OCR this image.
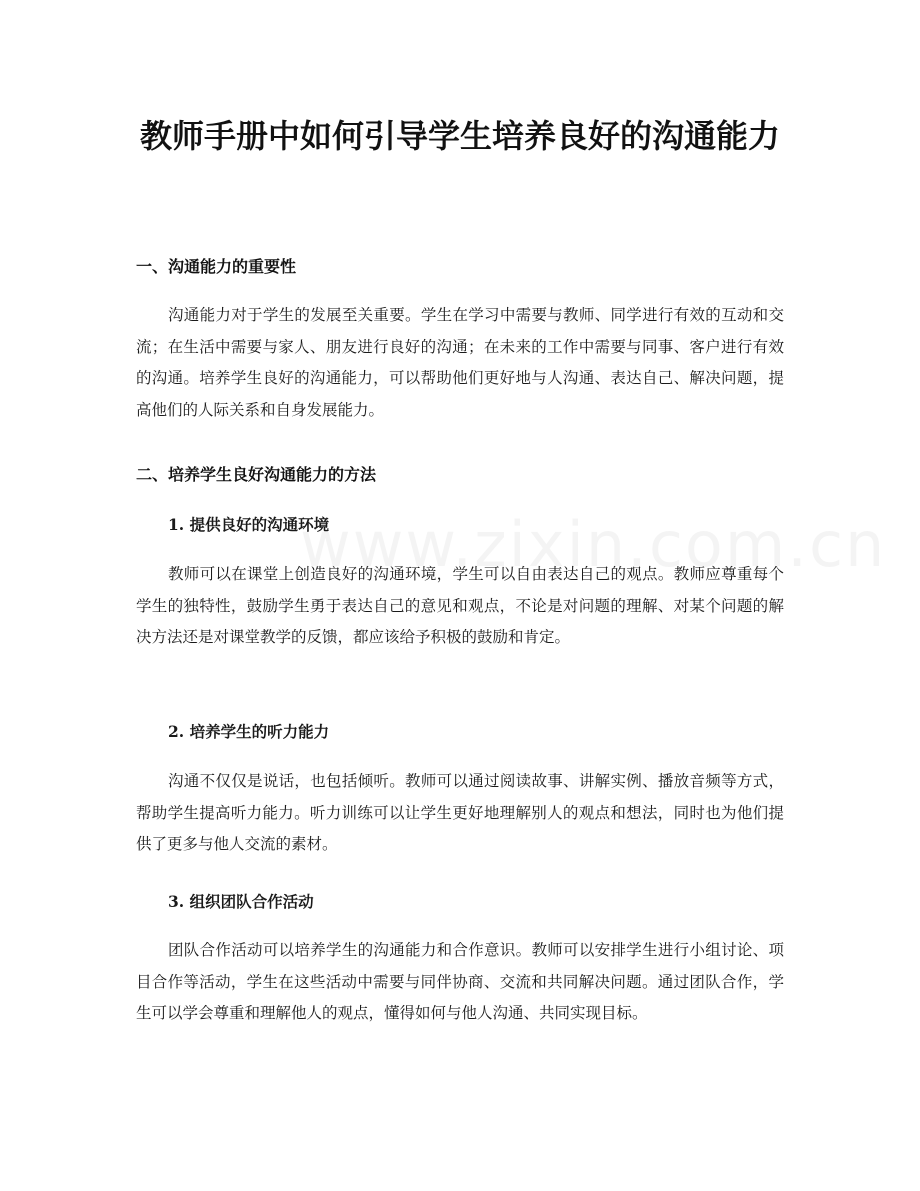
教师手册中如何引导学生培养良好的沟通能力
一、沟通能力的重要性

沟通能力对于学生的发展至关重要。学生在学习中需要与教师、同学进行有效的互动和交流；在生活中需要与家人、朋友进行良好的沟通；在未来的工作中需要与同事、客户进行有效的沟通。培养学生良好的沟通能力，可以帮助他们更好地与人沟通、表达自己、解决问题，提高他们的人际关系和自身发展能力。

二、培养学生良好沟通能力的方法
1. 提供良好的沟通环境

教师可以在课堂上创造良好的沟通环境，学生可以自由表达自己的观点。教师应尊重每个学生的独特性，鼓励学生勇于表达自己的意见和观点，不论是对问题的理解、对某个问题的解决方法还是对课堂教学的反馈，都应该给予积极的鼓励和肯定。

2. 培养学生的听力能力

沟通不仅仅是说话，也包括倾听。教师可以通过阅读故事、讲解实例、播放音频等方式，帮助学生提高听力能力。听力训练可以让学生更好地理解别人的观点和想法，同时也为他们提供了更多与他人交流的素材。

3. 组织团队合作活动

团队合作活动可以培养学生的沟通能力和合作意识。教师可以安排学生进行小组讨论、项目合作等活动，学生在这些活动中需要与同伴协商、交流和共同解决问题。通过团队合作，学生可以学会尊重和理解他人的观点，懂得如何与他人沟通、共同实现目标。
